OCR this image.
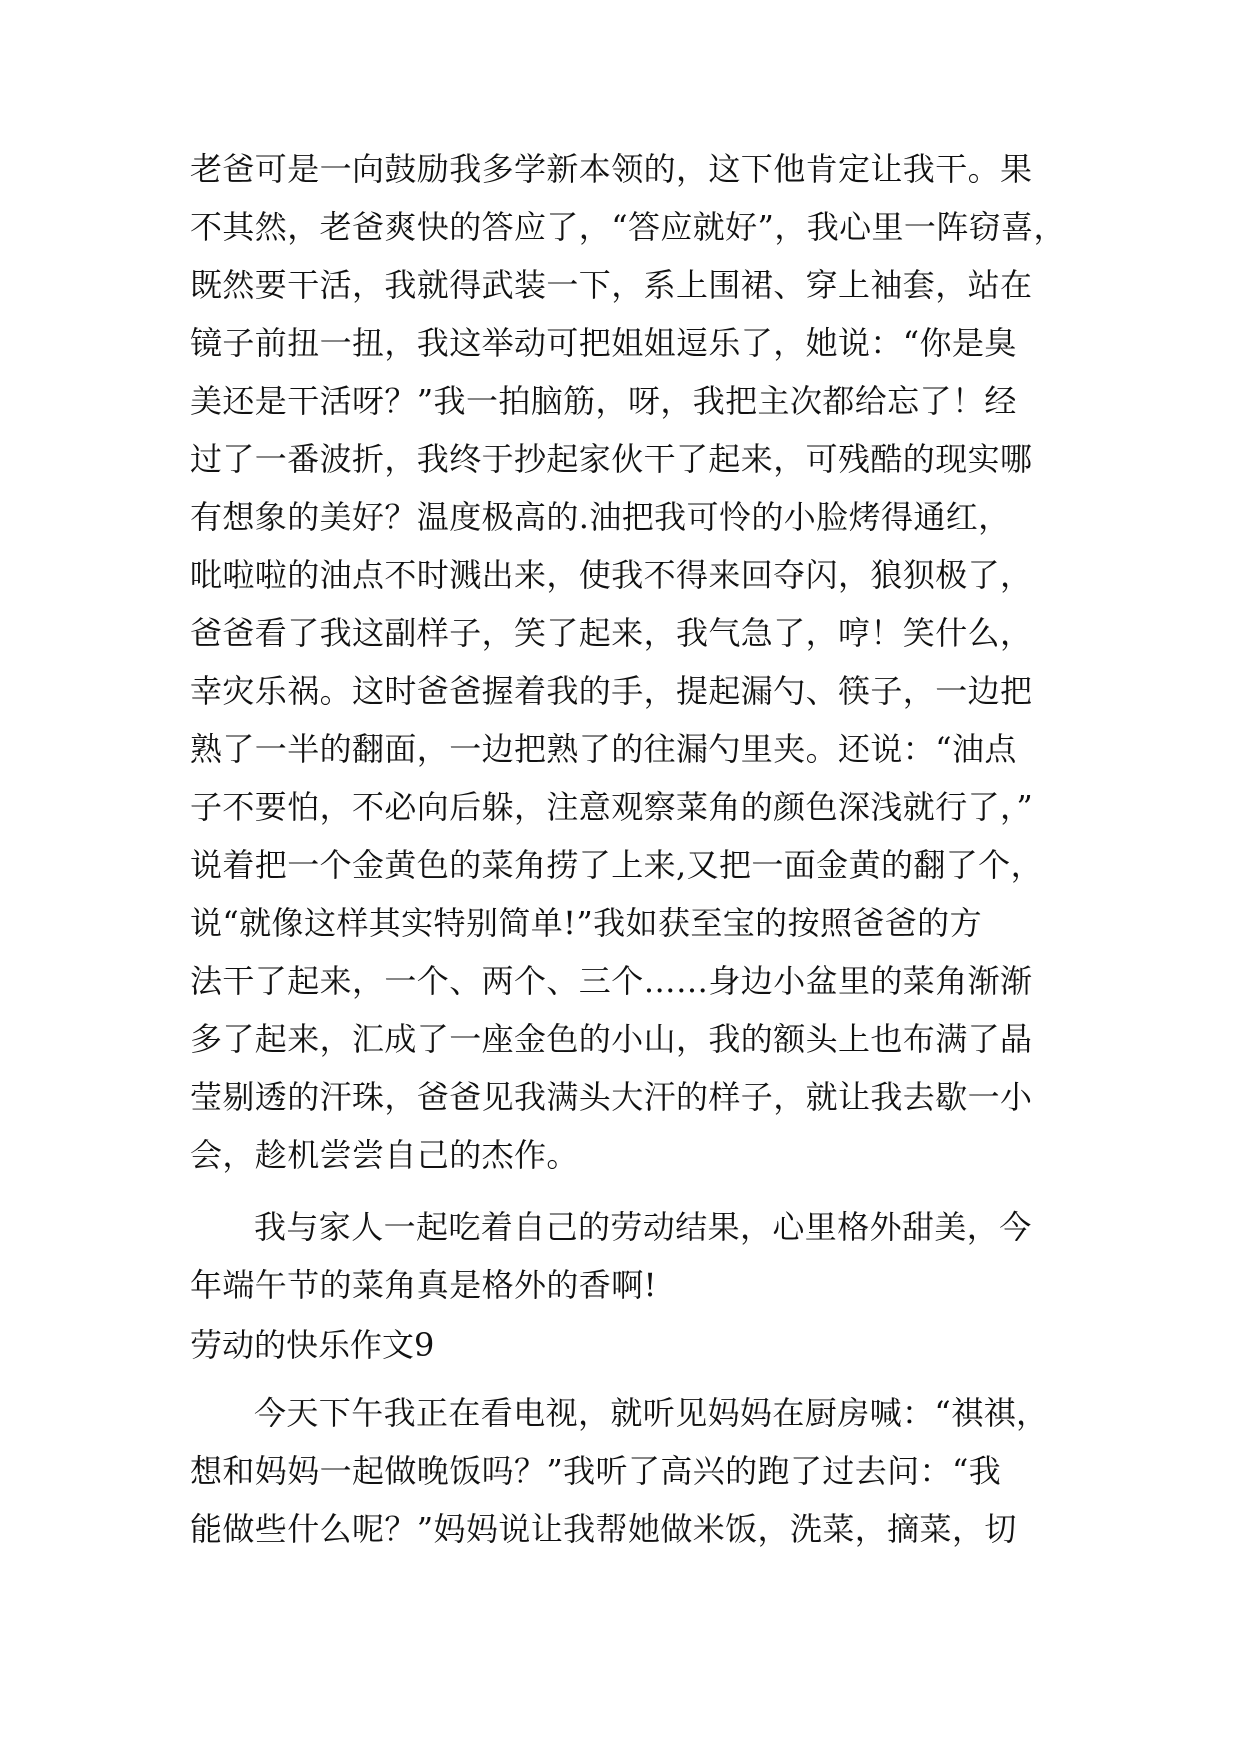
老爸可是一向鼓励我多学新本领的，这下他肯定让我干。果
不其然，老爸爽快的答应了，“答应就好”，我心里一阵窃喜，
既然要干活，我就得武装一下，系上围裙、穿上袖套，站在
镜子前扭一扭，我这举动可把姐姐逗乐了，她说：“你是臭
美还是干活呀？”我一拍脑筋，呀，我把主次都给忘了！经
过了一番波折，我终于抄起家伙干了起来，可残酷的现实哪
有想象的美好？温度极高的.油把我可怜的小脸烤得通红，
吡啦啦的油点不时溅出来，使我不得来回夺闪，狼狈极了，
爸爸看了我这副样子，笑了起来，我气急了，哼！笑什么，
幸灾乐祸。这时爸爸握着我的手，提起漏勺、筷子，一边把
熟了一半的翻面，一边把熟了的往漏勺里夹。还说：“油点
子不要怕，不必向后躲，注意观察菜角的颜色深浅就行了，”
说着把一个金黄色的菜角捞了上来,又把一面金黄的翻了个，
说“就像这样其实特别简单!”我如获至宝的按照爸爸的方
法干了起来，一个、两个、三个……身边小盆里的菜角渐渐
多了起来，汇成了一座金色的小山，我的额头上也布满了晶
莹剔透的汗珠，爸爸见我满头大汗的样子，就让我去歇一小
会，趁机尝尝自己的杰作。
我与家人一起吃着自己的劳动结果，心里格外甜美，今
年端午节的菜角真是格外的香啊!
劳动的快乐作文9
今天下午我正在看电视，就听见妈妈在厨房喊：“祺祺，
想和妈妈一起做晚饭吗？”我听了高兴的跑了过去问：“我
能做些什么呢？”妈妈说让我帮她做米饭，洗菜，摘菜，切
